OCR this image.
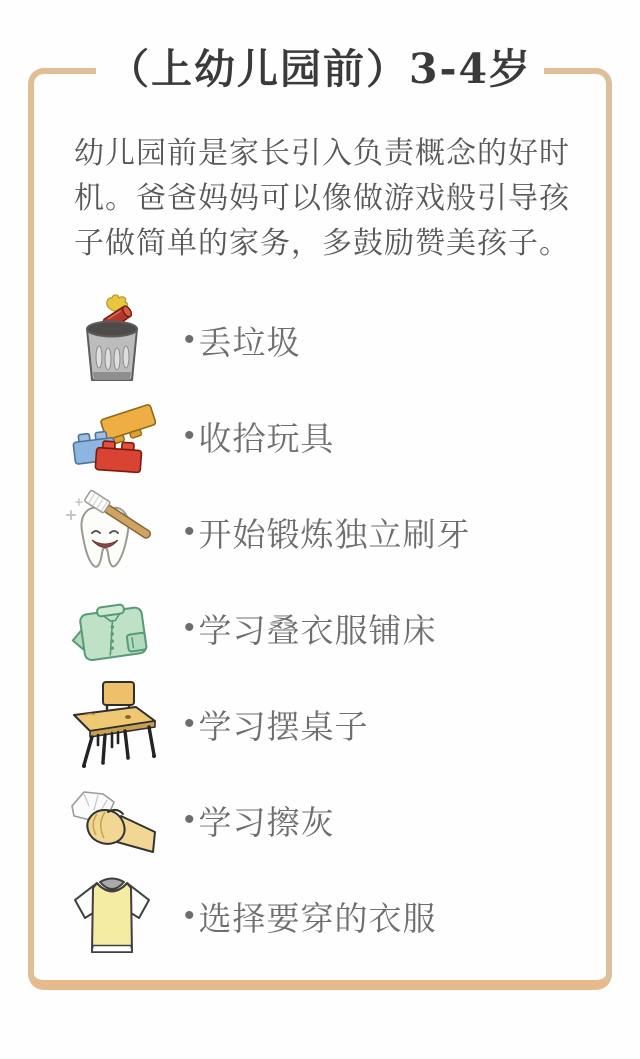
（上幼儿园前）3-4岁
幼儿园前是家长引入负责概念的好时机。爸爸妈妈可以像做游戏般引导孩子做简单的家务，多鼓励赞美孩子。
• 丢垃圾
• 收拾玩具
• 开始锻炼独立刷牙
• 学习叠衣服铺床
• 学习摆桌子
• 学习擦灰
• 选择要穿的衣服
